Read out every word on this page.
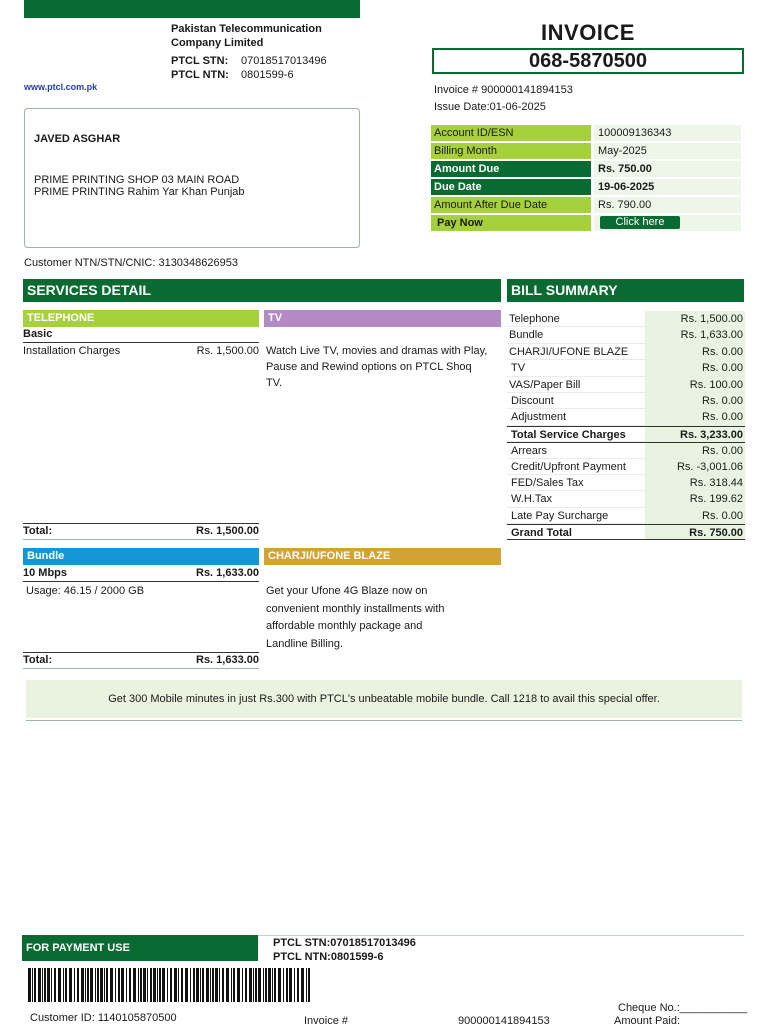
Pakistan Telecommunication
Company Limited
PTCL STN: 07018517013496
PTCL NTN: 0801599-6
www.ptcl.com.pk
INVOICE
068-5870500
Invoice # 900000141894153
Issue Date:01-06-2025
JAVED ASGHAR
PRIME PRINTING SHOP 03 MAIN ROAD
PRIME PRINTING Rahim Yar Khan Punjab
Customer NTN/STN/CNIC: 3130348626953
Account ID/ESN	100009136343
Billing Month	May-2025
Amount Due	Rs. 750.00
Due Date	19-06-2025
Amount After Due Date	Rs. 790.00
Pay Now	Click here
SERVICES DETAIL	BILL SUMMARY
TELEPHONE
Basic
Installation Charges	Rs. 1,500.00
Total:	Rs. 1,500.00
TV
Watch Live TV, movies and dramas with Play, Pause and Rewind options on PTCL Shoq TV.
Bundle
10 Mbps	Rs. 1,633.00
Usage: 46.15 / 2000 GB
Total:	Rs. 1,633.00
CHARJI/UFONE BLAZE
Get your Ufone 4G Blaze now on convenient monthly installments with affordable monthly package and Landline Billing.
Telephone	Rs. 1,500.00
Bundle	Rs. 1,633.00
CHARJI/UFONE BLAZE	Rs. 0.00
TV	Rs. 0.00
VAS/Paper Bill	Rs. 100.00
Discount	Rs. 0.00
Adjustment	Rs. 0.00
Total Service Charges	Rs. 3,233.00
Arrears	Rs. 0.00
Credit/Upfront Payment	Rs. -3,001.06
FED/Sales Tax	Rs. 318.44
W.H.Tax	Rs. 199.62
Late Pay Surcharge	Rs. 0.00
Grand Total	Rs. 750.00
Get 300 Mobile minutes in just Rs.300 with PTCL's unbeatable mobile bundle. Call 1218 to avail this special offer.
FOR PAYMENT USE	PTCL STN:07018517013496
PTCL NTN:0801599-6
Customer ID: 1140105870500	Invoice #	900000141894153
Cheque No.:___________
Amount Paid:
